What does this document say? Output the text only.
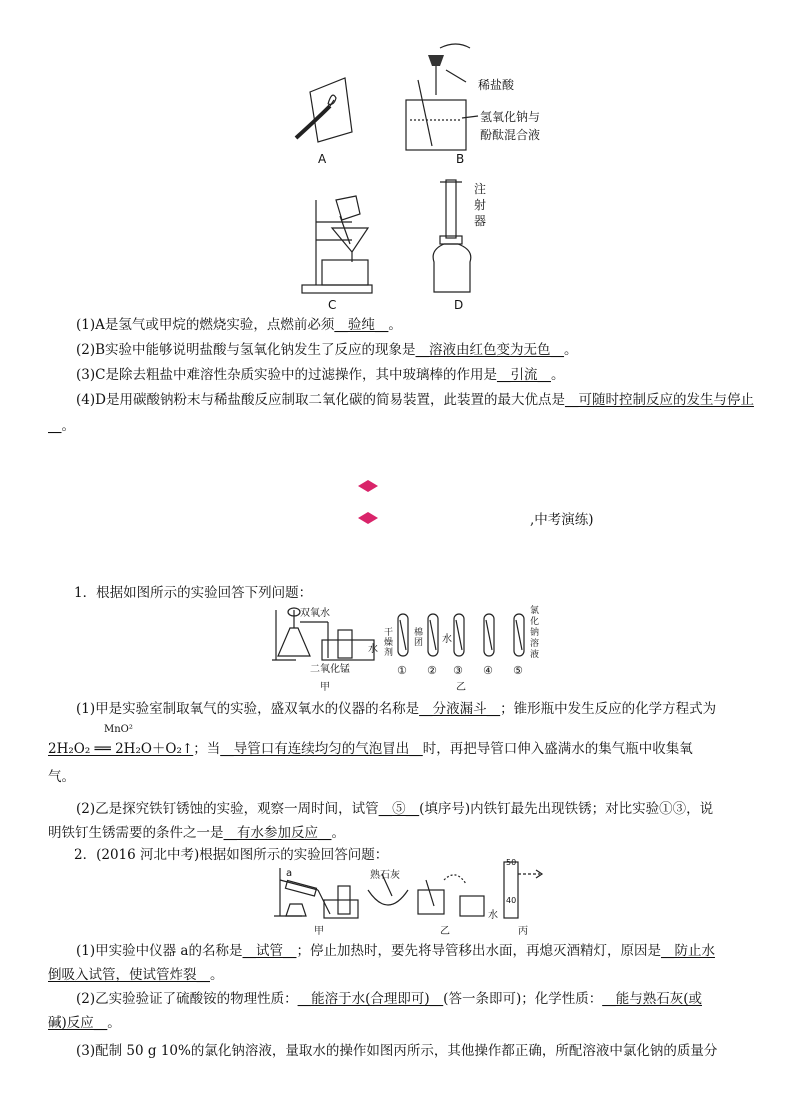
A	B
稀盐酸
氢氧化钠与
酚酞混合液
C	D
注
射
器
(1)A是氢气或甲烷的燃烧实验，点燃前必须__验纯__。
(2)B实验中能够说明盐酸与氢氧化钠发生了反应的现象是__溶液由红色变为无色__。
(3)C是除去粗盐中难溶性杂质实验中的过滤操作，其中玻璃棒的作用是__引流__。
(4)D是用碳酸钠粉末与稀盐酸反应制取二氧化碳的简易装置，此装置的最大优点是__可随时控制反应的发生与停止__。
,中考演练)
1．根据如图所示的实验回答下列问题：
双氧水
水
二氧化锰
甲
干燥剂
棉团 水
氯化钠溶液
乙
① ② ③ ④ ⑤
(1)甲是实验室制取氧气的实验，盛双氧水的仪器的名称是__分液漏斗__；锥形瓶中发生反应的化学方程式为
2H₂O₂ ══ 2H₂O＋O₂↑；当__导管口有连续均匀的气泡冒出__时，再把导管口伸入盛满水的集气瓶中收集氧
MnO²
气。
(2)乙是探究铁钉锈蚀的实验，观察一周时间，试管__⑤__(填序号)内铁钉最先出现铁锈；对比实验①③，说
明铁钉生锈需要的条件之一是__有水参加反应__。
2．(2016 河北中考)根据如图所示的实验回答问题：
a	熟石灰
水
甲	乙	丙
50
40
(1)甲实验中仪器 a的名称是__试管__；停止加热时，要先将导管移出水面，再熄灭酒精灯，原因是__防止水
倒吸入试管，使试管炸裂__。
(2)乙实验验证了硫酸铵的物理性质：__能溶于水(合理即可)__(答一条即可)；化学性质：__能与熟石灰(或
碱)反应__。
(3)配制 50 g 10%的氯化钠溶液，量取水的操作如图丙所示，其他操作都正确，所配溶液中氯化钠的质量分
